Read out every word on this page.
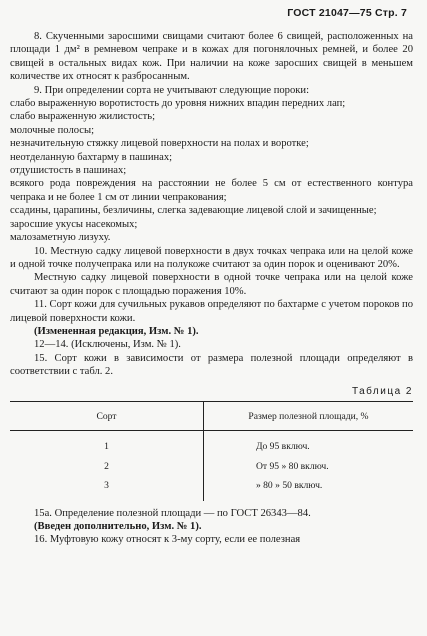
ГОСТ 21047—75 Стр. 7

8. Скученными заросшими свищами считают более 6 свищей, расположенных на площади 1 дм² в ремневом чепраке и в кожах для погонялочных ремней, и более 20 свищей в остальных видах кож. При наличии на коже заросших свищей в меньшем количестве их относят к разбросанным.

9. При определении сорта не учитывают следующие пороки:

слабо выраженную воротистость до уровня нижних впадин передних лап;

слабо выраженную жилистость;

молочные полосы;

незначительную стяжку лицевой поверхности на полах и воротке;

неотделанную бахтарму в пашинах;

отдушистость в пашинах;

всякого рода повреждения на расстоянии не более 5 см от естественного контура чепрака и не более 1 см от линии чепракования;

ссадины, царапины, безличины, слегка задевающие лицевой слой и зачищенные;

заросшие укусы насекомых;

малозаметную лизуху.

10. Местную садку лицевой поверхности в двух точках чепрака или на целой коже и одной точке получепрака или на полукоже считают за один порок и оценивают 20%.

Местную садку лицевой поверхности в одной точке чепрака или на целой коже считают за один порок с площадью поражения 10%.

11. Сорт кожи для сучильных рукавов определяют по бахтарме с учетом пороков по лицевой поверхности кожи.

(Измененная редакция, Изм. № 1).

12—14. (Исключены, Изм. № 1).

15. Сорт кожи в зависимости от размера полезной площади определяют в соответствии с табл. 2.

Таблица 2
Сорт	Размер полезной площади, %
1	До 95 включ.
2	От 95 » 80 включ.
3	» 80 » 50 включ.

15а. Определение полезной площади — по ГОСТ 26343—84.

(Введен дополнительно, Изм. № 1).

16. Муфтовую кожу относят к 3-му сорту, если ее полезная
